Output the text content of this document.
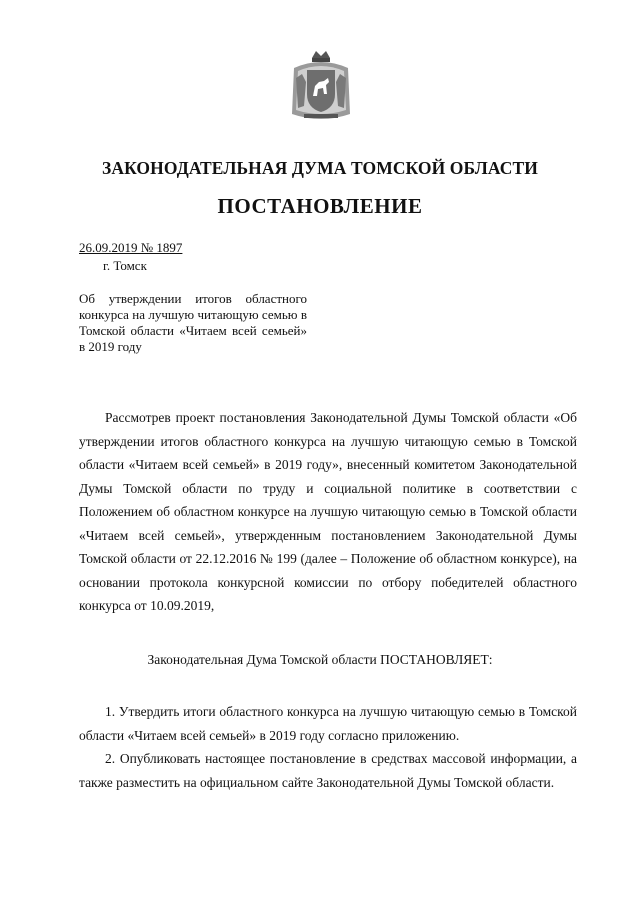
ЗАКОНОДАТЕЛЬНАЯ ДУМА ТОМСКОЙ ОБЛАСТИ
ПОСТАНОВЛЕНИЕ
26.09.2019 № 1897
г. Томск
Об утверждении итогов областного конкурса на лучшую читающую семью в Томской области «Читаем всей семьей» в 2019 году

Рассмотрев проект постановления Законодательной Думы Томской области «Об утверждении итогов областного конкурса на лучшую читающую семью в Томской области «Читаем всей семьей» в 2019 году», внесенный комитетом Законодательной Думы Томской области по труду и социальной политике в соответствии с Положением об областном конкурсе на лучшую читающую семью в Томской области «Читаем всей семьей», утвержденным постановлением Законодательной Думы Томской области от 22.12.2016 № 199 (далее – Положение об областном конкурсе), на основании протокола конкурсной комиссии по отбору победителей областного конкурса от 10.09.2019,

Законодательная Дума Томской области ПОСТАНОВЛЯЕТ:

1. Утвердить итоги областного конкурса на лучшую читающую семью в Томской области «Читаем всей семьей» в 2019 году согласно приложению.

2. Опубликовать настоящее постановление в средствах массовой информации, а также разместить на официальном сайте Законодательной Думы Томской области.
